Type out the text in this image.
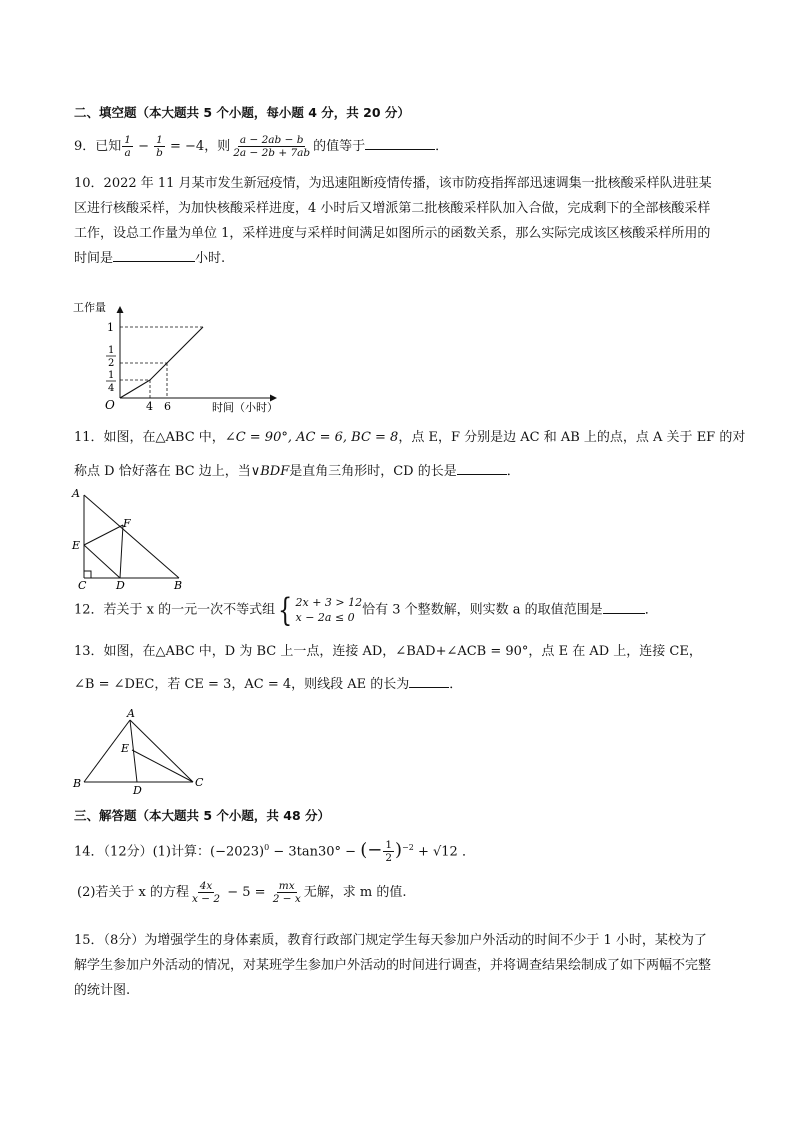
二、填空题（本大题共 5 个小题，每小题 4 分，共 20 分）
9．已知 $\frac{1}{a} - \frac{1}{b} = -4$，则 $\frac{a - 2ab - b}{2a - 2b + 7ab}$ 的值等于	．
10．2022 年 11 月某市发生新冠疫情，为迅速阻断疫情传播，该市防疫指挥部迅速调集一批核酸采样队进驻某区进行核酸采样，为加快核酸采样进度，4 小时后又增派第二批核酸采样队加入合做，完成剩下的全部核酸采样工作，设总工作量为单位 1，采样进度与采样时间满足如图所示的函数关系，那么实际完成该区核酸采样所用的时间是	小时.
工作量
时间（小时）
O
1
1
2
1
4
4 6
11．如图，在△ABC 中，∠C = 90°, AC = 6, BC = 8，点 E，F 分别是边 AC 和 AB 上的点，点 A 关于 EF 的对
称点 D 恰好落在 BC 边上，当∨BDF是直角三角形时，CD 的长是	．
A
E
F
C	D	B
12．若关于 x 的一元一次不等式组 { 2x + 3 > 12
x − 2a ≤ 0 恰有 3 个整数解，则实数 a 的取值范围是	．
13．如图，在△ABC 中，D 为 BC 上一点，连接 AD，∠BAD+∠ACB = 90°，点 E 在 AD 上，连接 CE，
∠B = ∠DEC，若 CE = 3，AC = 4，则线段 AE 的长为	．
A
E
B
D
C
三、解答题（本大题共 5 个小题，共 48 分）
14．（12分）(1)计算：$(-2023)^0 - 3\tan 30^\circ$ − (− $\frac{1}{2} )^{-2} + √12$ ．
(2)若关于 x 的方程 $\frac{4x}{x - 2} - 5 = \frac{mx}{2 - x}$ 无解，求 m 的值.
15．（8分）为增强学生的身体素质，教育行政部门规定学生每天参加户外活动的时间不少于 1 小时，某校为了解学生参加户外活动的情况，对某班学生参加户外活动的时间进行调查，并将调查结果绘制成了如下两幅不完整的统计图.
